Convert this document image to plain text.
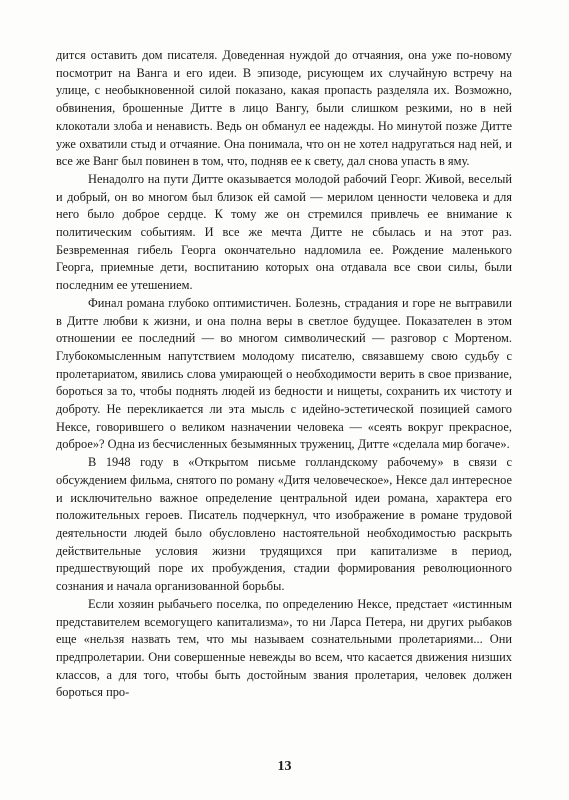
дится оставить дом писателя. Доведенная нуждой до отчаяния, она уже по-новому посмотрит на Ванга и его идеи. В эпизоде, рисующем их случайную встречу на улице, с необыкновенной силой показано, какая пропасть разделяла их. Возможно, обвинения, брошенные Дитте в лицо Вангу, были слишком резкими, но в ней клокотали злоба и ненависть. Ведь он обманул ее надежды. Но минутой позже Дитте уже охватили стыд и отчаяние. Она понимала, что он не хотел надругаться над ней, и все же Ванг был повинен в том, что, подняв ее к свету, дал снова упасть в яму.

Ненадолго на пути Дитте оказывается молодой рабочий Георг. Живой, веселый и добрый, он во многом был близок ей самой — мерилом ценности человека и для него было доброе сердце. К тому же он стремился привлечь ее внимание к политическим событиям. И все же мечта Дитте не сбылась и на этот раз. Безвременная гибель Георга окончательно надломила ее. Рождение маленького Георга, приемные дети, воспитанию которых она отдавала все свои силы, были последним ее утешением.

Финал романа глубоко оптимистичен. Болезнь, страдания и горе не вытравили в Дитте любви к жизни, и она полна веры в светлое будущее. Показателен в этом отношении ее последний — во многом символический — разговор с Мортеном. Глубокомысленным напутствием молодому писателю, связавшему свою судьбу с пролетариатом, явились слова умирающей о необходимости верить в свое призвание, бороться за то, чтобы поднять людей из бедности и нищеты, сохранить их чистоту и доброту. Не перекликается ли эта мысль с идейно-эстетической позицией самого Нексе, говорившего о великом назначении человека — «сеять вокруг прекрасное, доброе»? Одна из бесчисленных безымянных тружениц, Дитте «сделала мир богаче».

В 1948 году в «Открытом письме голландскому рабочему» в связи с обсуждением фильма, снятого по роману «Дитя человеческое», Нексе дал интересное и исключительно важное определение центральной идеи романа, характера его положительных героев. Писатель подчеркнул, что изображение в романе трудовой деятельности людей было обусловлено настоятельной необходимостью раскрыть действительные условия жизни трудящихся при капитализме в период, предшествующий поре их пробуждения, стадии формирования революционного сознания и начала организованной борьбы.

Если хозяин рыбачьего поселка, по определению Нексе, предстает «истинным представителем всемогущего капитализма», то ни Ларса Петера, ни других рыбаков еще «нельзя назвать тем, что мы называем сознательными пролетариями... Они предпролетарии. Они совершенные невежды во всем, что касается движения низших классов, а для того, чтобы быть достойным звания пролетария, человек должен бороться про-

13
